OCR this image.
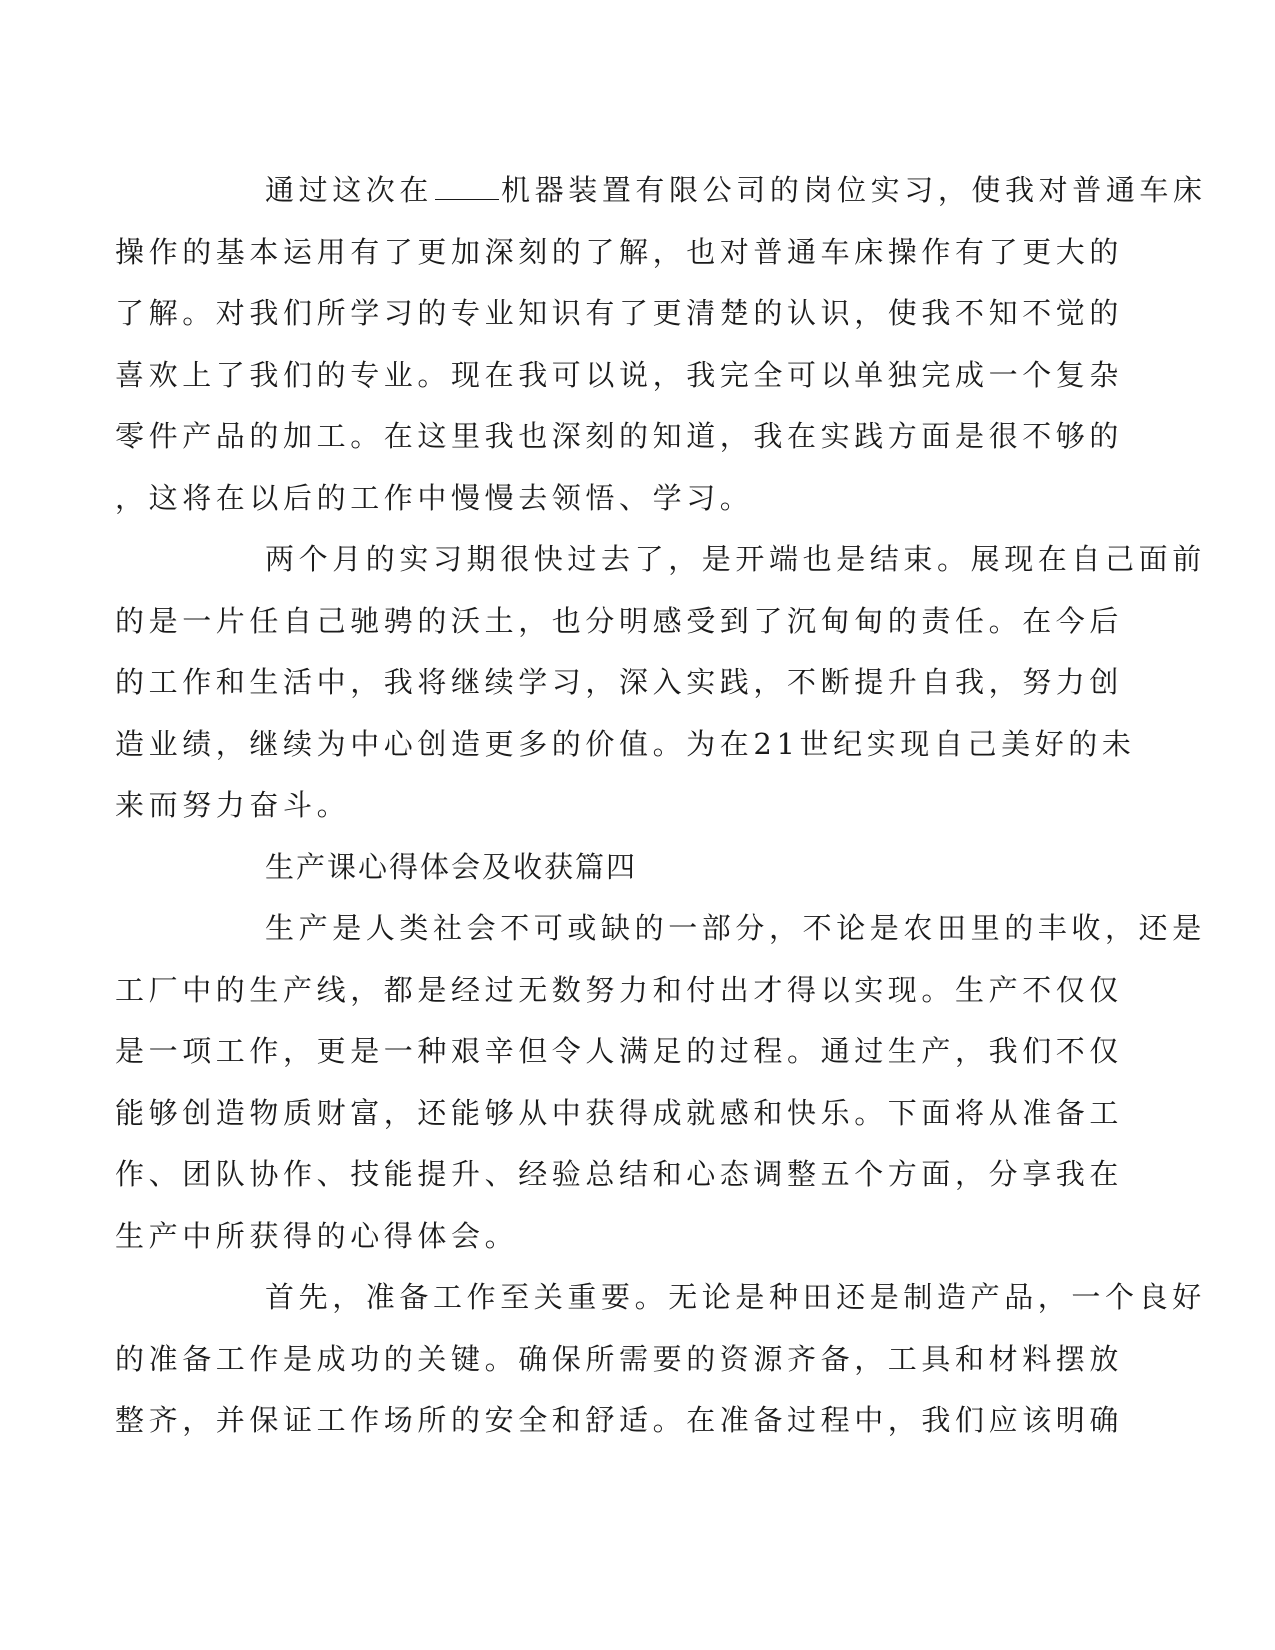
通过这次在 机器装置有限公司的岗位实习，使我对普通车床
操作的基本运用有了更加深刻的了解，也对普通车床操作有了更大的
了解。对我们所学习的专业知识有了更清楚的认识，使我不知不觉的
喜欢上了我们的专业。现在我可以说，我完全可以单独完成一个复杂
零件产品的加工。在这里我也深刻的知道，我在实践方面是很不够的
，这将在以后的工作中慢慢去领悟、学习。

两个月的实习期很快过去了，是开端也是结束。展现在自己面前
的是一片任自己驰骋的沃土，也分明感受到了沉甸甸的责任。在今后
的工作和生活中，我将继续学习，深入实践，不断提升自我，努力创
造业绩，继续为中心创造更多的价值。为在21世纪实现自己美好的未
来而努力奋斗。

生产课心得体会及收获篇四

生产是人类社会不可或缺的一部分，不论是农田里的丰收，还是
工厂中的生产线，都是经过无数努力和付出才得以实现。生产不仅仅
是一项工作，更是一种艰辛但令人满足的过程。通过生产，我们不仅
能够创造物质财富，还能够从中获得成就感和快乐。下面将从准备工
作、团队协作、技能提升、经验总结和心态调整五个方面，分享我在
生产中所获得的心得体会。

首先，准备工作至关重要。无论是种田还是制造产品，一个良好
的准备工作是成功的关键。确保所需要的资源齐备，工具和材料摆放
整齐，并保证工作场所的安全和舒适。在准备过程中，我们应该明确
